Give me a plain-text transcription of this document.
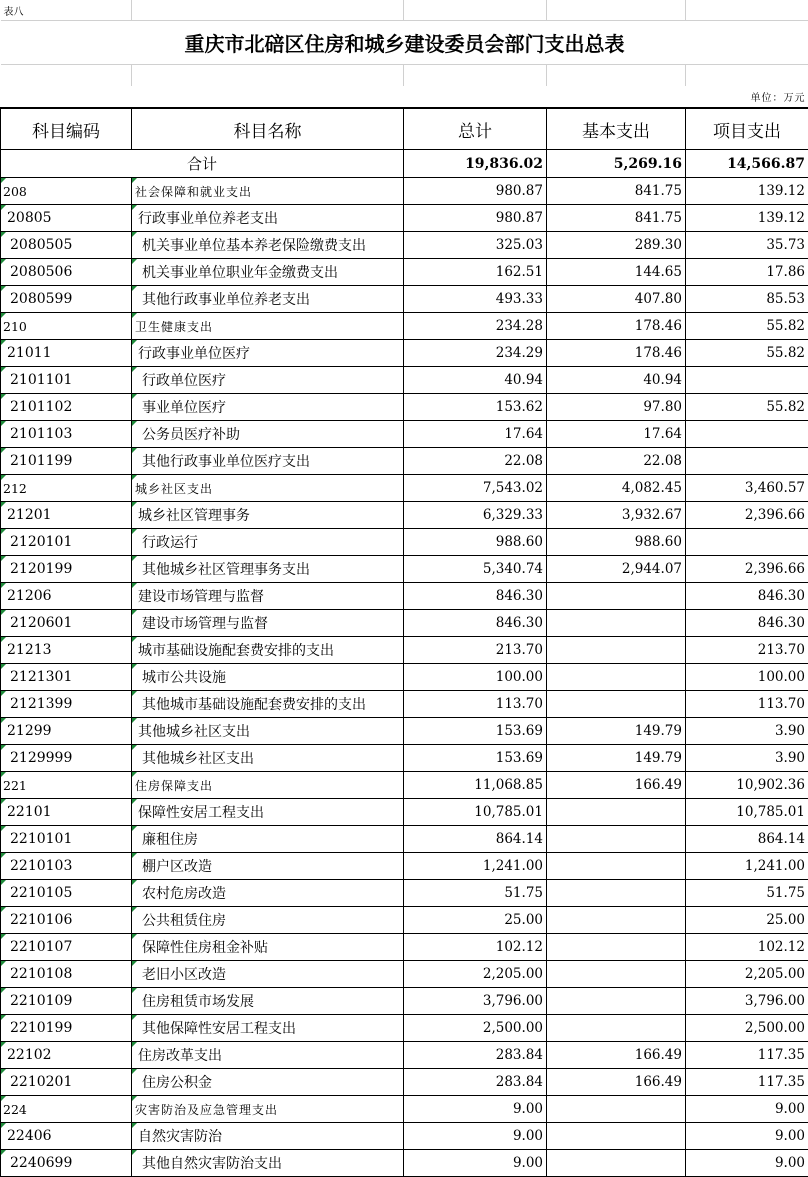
表八				
重庆市北碚区住房和城乡建设委员会部门支出总表				

单位：万元				
科目编码	科目名称	总计	基本支出	项目支出
合计		19,836.02	5,269.16	14,566.87

208	社会保障和就业支出	980.87	841.75	139.12

20805	行政事业单位养老支出	980.87	841.75	139.12

2080505	机关事业单位基本养老保险缴费支出	325.03	289.30	35.73

2080506	机关事业单位职业年金缴费支出	162.51	144.65	17.86

2080599	其他行政事业单位养老支出	493.33	407.80	85.53

210	卫生健康支出	234.28	178.46	55.82

21011	行政事业单位医疗	234.29	178.46	55.82

2101101	行政单位医疗	40.94	40.94	

2101102	事业单位医疗	153.62	97.80	55.82

2101103	公务员医疗补助	17.64	17.64	

2101199	其他行政事业单位医疗支出	22.08	22.08	

212	城乡社区支出	7,543.02	4,082.45	3,460.57

21201	城乡社区管理事务	6,329.33	3,932.67	2,396.66

2120101	行政运行	988.60	988.60	

2120199	其他城乡社区管理事务支出	5,340.74	2,944.07	2,396.66

21206	建设市场管理与监督	846.30		846.30

2120601	建设市场管理与监督	846.30		846.30

21213	城市基础设施配套费安排的支出	213.70		213.70

2121301	城市公共设施	100.00		100.00

2121399	其他城市基础设施配套费安排的支出	113.70		113.70

21299	其他城乡社区支出	153.69	149.79	3.90

2129999	其他城乡社区支出	153.69	149.79	3.90

221	住房保障支出	11,068.85	166.49	10,902.36

22101	保障性安居工程支出	10,785.01		10,785.01

2210101	廉租住房	864.14		864.14

2210103	棚户区改造	1,241.00		1,241.00

2210105	农村危房改造	51.75		51.75

2210106	公共租赁住房	25.00		25.00

2210107	保障性住房租金补贴	102.12		102.12

2210108	老旧小区改造	2,205.00		2,205.00

2210109	住房租赁市场发展	3,796.00		3,796.00

2210199	其他保障性安居工程支出	2,500.00		2,500.00

22102	住房改革支出	283.84	166.49	117.35

2210201	住房公积金	283.84	166.49	117.35

224	灾害防治及应急管理支出	9.00		9.00

22406	自然灾害防治	9.00		9.00

2240699	其他自然灾害防治支出	9.00		9.00
